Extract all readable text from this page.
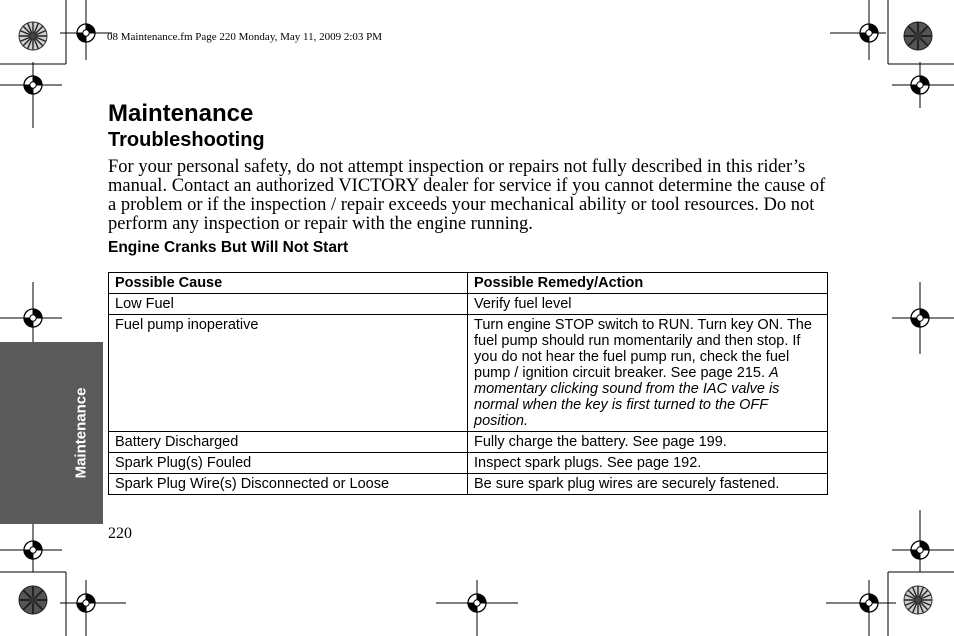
08 Maintenance.fm Page 220 Monday, May 11, 2009 2:03 PM
Maintenance
Maintenance
Troubleshooting

For your personal safety, do not attempt inspection or repairs not fully described in this rider’s manual. Contact an authorized VICTORY dealer for service if you cannot determine the cause of a problem or if the inspection / repair exceeds your mechanical ability or tool resources. Do not perform any inspection or repair with the engine running.

Engine Cranks But Will Not Start
Possible Cause	Possible Remedy/Action
Low Fuel	Verify fuel level
Fuel pump inoperative	Turn engine STOP switch to RUN. Turn key ON. The fuel pump should run momentarily and then stop. If you do not hear the fuel pump run, check the fuel pump / ignition circuit breaker. See page 215. A momentary clicking sound from the IAC valve is normal when the key is first turned to the OFF position.
Battery Discharged	Fully charge the battery. See page 199.
Spark Plug(s) Fouled	Inspect spark plugs. See page 192.
Spark Plug Wire(s) Disconnected or Loose	Be sure spark plug wires are securely fastened.
220
